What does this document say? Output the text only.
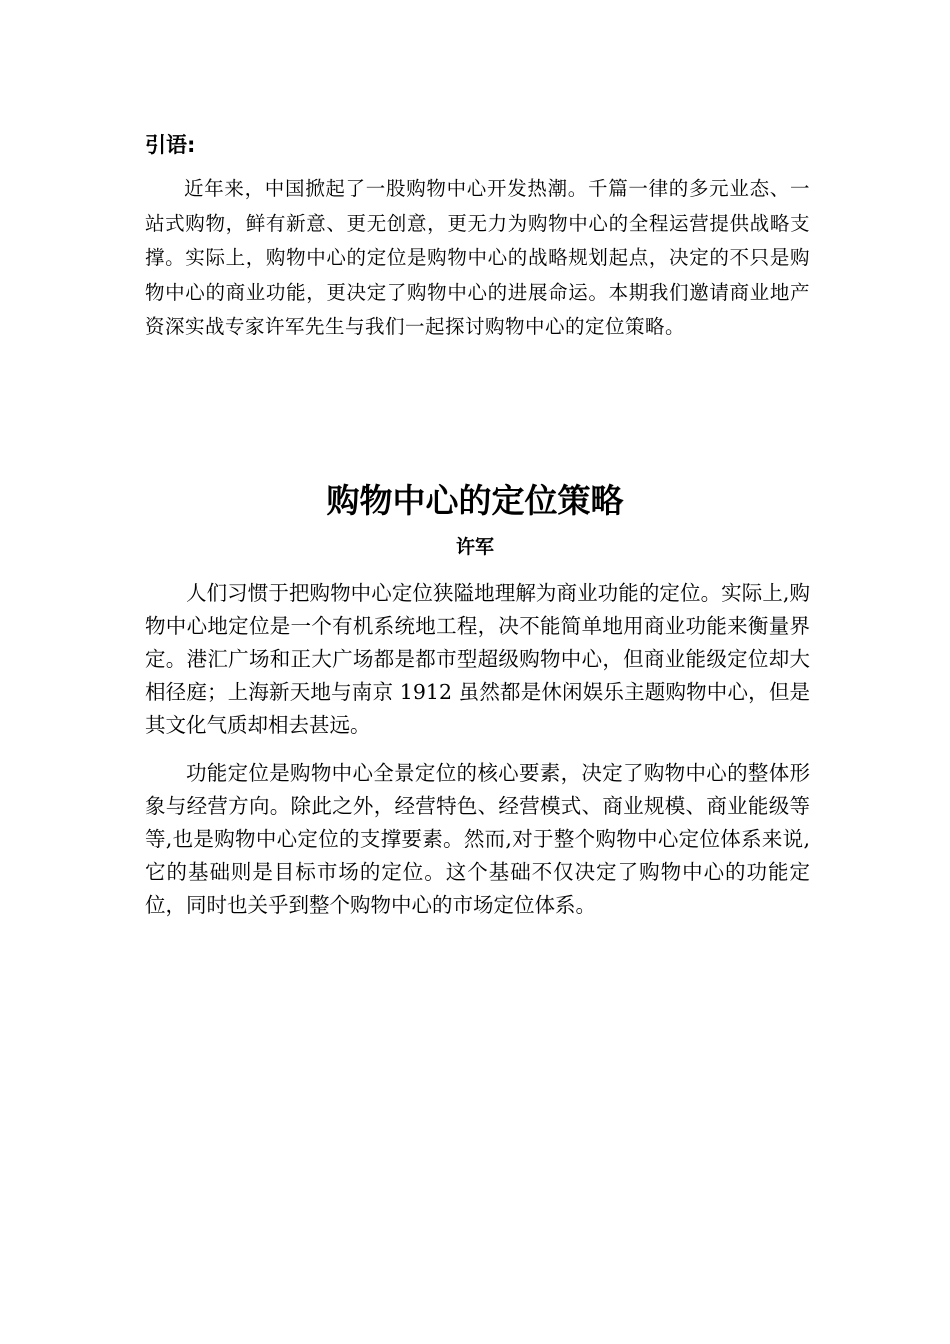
引语:

近年来，中国掀起了一股购物中心开发热潮。千篇一律的多元业态、一站式购物，鲜有新意、更无创意，更无力为购物中心的全程运营提供战略支撑。实际上，购物中心的定位是购物中心的战略规划起点，决定的不只是购物中心的商业功能，更决定了购物中心的进展命运。本期我们邀请商业地产资深实战专家许军先生与我们一起探讨购物中心的定位策略。

购物中心的定位策略
许军

人们习惯于把购物中心定位狭隘地理解为商业功能的定位。实际上,购物中心地定位是一个有机系统地工程，决不能简单地用商业功能来衡量界定。港汇广场和正大广场都是都市型超级购物中心，但商业能级定位却大相径庭；上海新天地与南京 1912 虽然都是休闲娱乐主题购物中心，但是其文化气质却相去甚远。

功能定位是购物中心全景定位的核心要素，决定了购物中心的整体形象与经营方向。除此之外，经营特色、经营模式、商业规模、商业能级等等,也是购物中心定位的支撑要素。然而,对于整个购物中心定位体系来说,它的基础则是目标市场的定位。这个基础不仅决定了购物中心的功能定位，同时也关乎到整个购物中心的市场定位体系。
